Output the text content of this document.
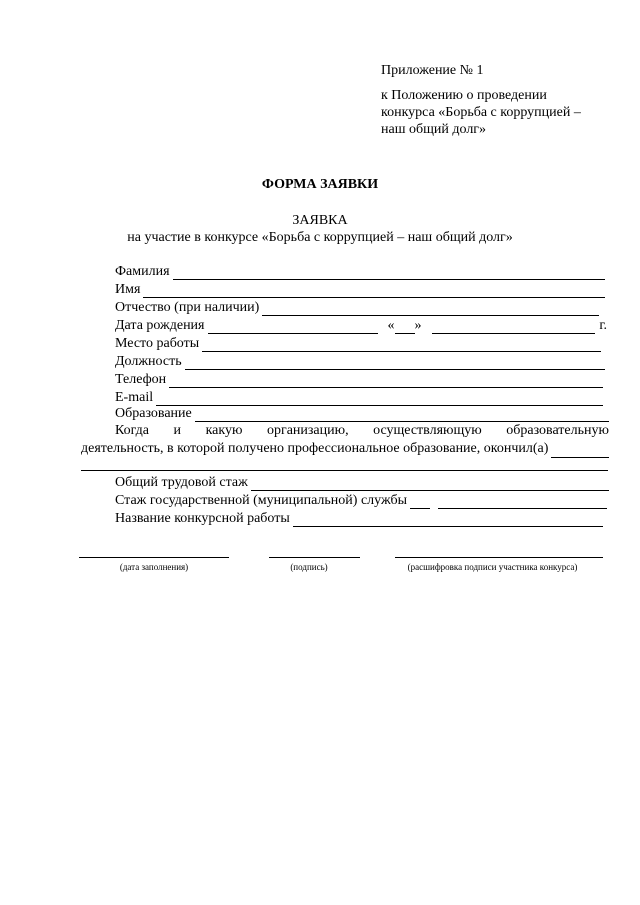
Приложение № 1
к Положению о проведении
конкурса «Борьба с коррупцией –
наш общий долг»
ФОРМА ЗАЯВКИ
ЗАЯВКА
на участие в конкурсе «Борьба с коррупцией – наш общий долг»
Фамилия
Имя
Отчество (при наличии)
Дата рождения	« »	г.
Место работы
Должность
Телефон
E-mail
Образование
Когда и какую организацию, осуществляющую образовательную
деятельность, в которой получено профессиональное образование, окончил(а)
Общий трудовой стаж
Стаж государственной (муниципальной) службы
Название конкурсной работы
(дата заполнения)	(подпись)	(расшифровка подписи участника конкурса)
